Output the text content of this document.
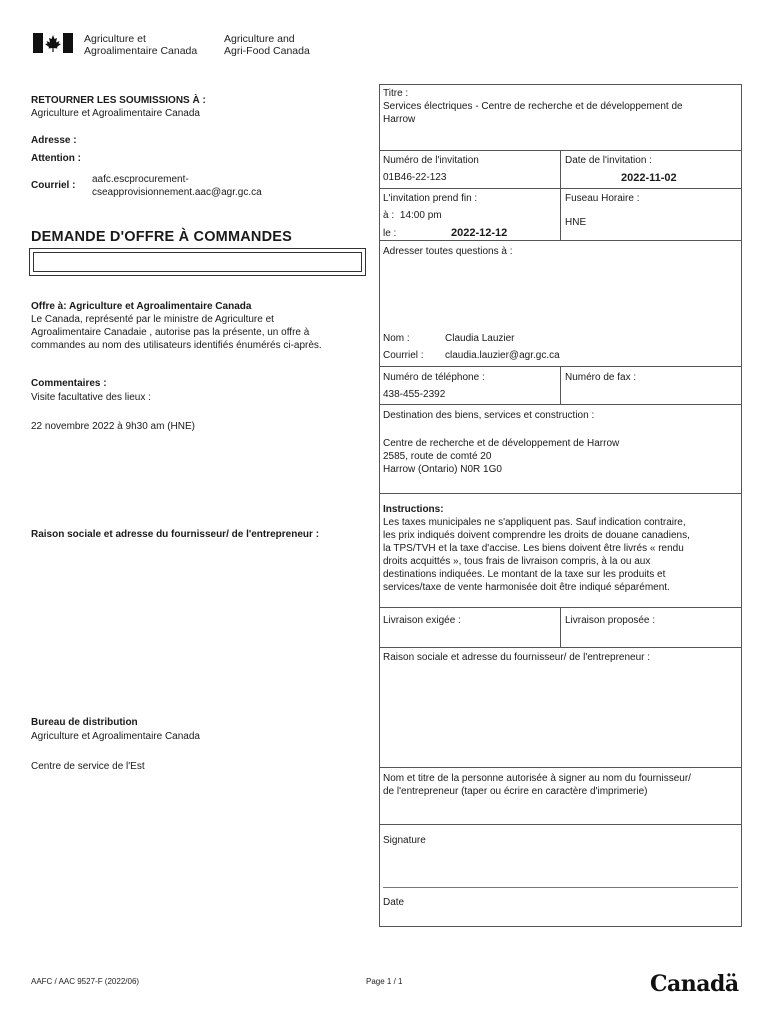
Agriculture et
Agroalimentaire Canada
Agriculture and
Agri-Food Canada
RETOURNER LES SOUMISSIONS À :
Agriculture et Agroalimentaire Canada
Adresse :
Attention :
Courriel :
aafc.escprocurement-
cseapprovisionnement.aac@agr.gc.ca
DEMANDE D'OFFRE À COMMANDES
Offre à: Agriculture et Agroalimentaire Canada
Le Canada, représenté par le ministre de Agriculture et
Agroalimentaire Canadaie , autorise pas la présente, un offre à
commandes au nom des utilisateurs identifiés énumérés ci-après.
Commentaires :
Visite facultative des lieux :
22 novembre 2022 à 9h30 am (HNE)
Raison sociale et adresse du fournisseur/ de l'entrepreneur :
Bureau de distribution
Agriculture et Agroalimentaire Canada
Centre de service de l'Est
Titre :
Services électriques - Centre de recherche et de développement de
Harrow
Numéro de l'invitation
01B46-22-123
Date de l'invitation :
2022-11-02
L'invitation prend fin :
à : 14:00 pm
le :	2022-12-12
Fuseau Horaire :
HNE
Adresser toutes questions à :
Nom :	Claudia Lauzier
Courriel : claudia.lauzier@agr.gc.ca
Numéro de téléphone :
438-455-2392
Numéro de fax :
Destination des biens, services et construction :
Centre de recherche et de développement de Harrow
2585, route de comté 20
Harrow (Ontario) N0R 1G0
Instructions:
Les taxes municipales ne s'appliquent pas. Sauf indication contraire,
les prix indiqués doivent comprendre les droits de douane canadiens,
la TPS/TVH et la taxe d'accise. Les biens doivent être livrés « rendu
droits acquittés », tous frais de livraison compris, à la ou aux
destinations indiquées. Le montant de la taxe sur les produits et
services/taxe de vente harmonisée doit être indiqué séparément.
Livraison exigée :	Livraison proposée :
Raison sociale et adresse du fournisseur/ de l'entrepreneur :
Nom et titre de la personne autorisée à signer au nom du fournisseur/
de l'entrepreneur (taper ou écrire en caractère d'imprimerie)
Signature
Date
AAFC / AAC 9527-F (2022/06)	Page 1 / 1	Canadä
